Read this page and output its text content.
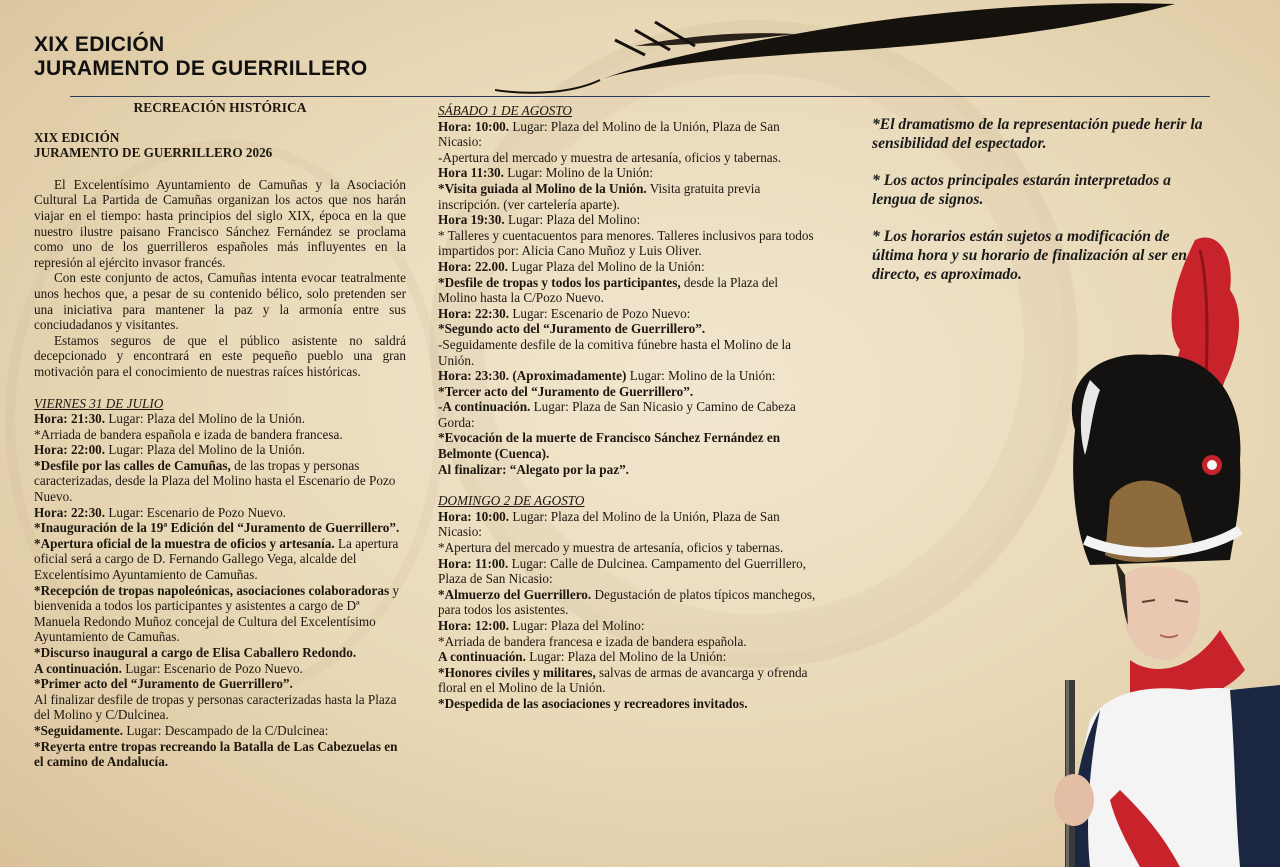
XIX EDICIÓN
JURAMENTO DE GUERRILLERO

RECREACIÓN HISTÓRICA

XIX EDICIÓN
JURAMENTO DE GUERRILLERO 2026

El Excelentísimo Ayuntamiento de Camuñas y la Asociación Cultural La Partida de Camuñas organizan los actos que nos harán viajar en el tiempo: hasta principios del siglo XIX, época en la que nuestro ilustre paisano Francisco Sánchez Fernández se proclama como uno de los guerrilleros españoles más influyentes en la represión al ejército invasor francés.

Con este conjunto de actos, Camuñas intenta evocar teatralmente unos hechos que, a pesar de su contenido bélico, solo pretenden ser una iniciativa para mantener la paz y la armonía entre sus conciudadanos y visitantes.

Estamos seguros de que el público asistente no saldrá decepcionado y encontrará en este pequeño pueblo una gran motivación para el conocimiento de nuestras raíces históricas.

VIERNES 31 DE JULIO

Hora: 21:30. Lugar: Plaza del Molino de la Unión.

*Arriada de bandera española e izada de bandera francesa.

Hora: 22:00. Lugar: Plaza del Molino de la Unión.

*Desfile por las calles de Camuñas, de las tropas y personas caracterizadas, desde la Plaza del Molino hasta el Escenario de Pozo Nuevo.

Hora: 22:30. Lugar: Escenario de Pozo Nuevo.

*Inauguración de la 19ª Edición del “Juramento de Guerrillero”.

*Apertura oficial de la muestra de oficios y artesanía. La apertura oficial será a cargo de D. Fernando Gallego Vega, alcalde del Excelentísimo Ayuntamiento de Camuñas.

*Recepción de tropas napoleónicas, asociaciones colaboradoras y bienvenida a todos los participantes y asistentes a cargo de Dª Manuela Redondo Muñoz concejal de Cultura del Excelentísimo Ayuntamiento de Camuñas.

*Discurso inaugural a cargo de Elisa Caballero Redondo.

A continuación. Lugar: Escenario de Pozo Nuevo.

*Primer acto del “Juramento de Guerrillero”.

Al finalizar desfile de tropas y personas caracterizadas hasta la Plaza del Molino y C/Dulcinea.

*Seguidamente. Lugar: Descampado de la C/Dulcinea:

*Reyerta entre tropas recreando la Batalla de Las Cabezuelas en el camino de Andalucía.

SÁBADO 1 DE AGOSTO

Hora: 10:00. Lugar: Plaza del Molino de la Unión, Plaza de San Nicasio:

-Apertura del mercado y muestra de artesanía, oficios y tabernas.

Hora 11:30. Lugar: Molino de la Unión:

*Visita guiada al Molino de la Unión. Visita gratuita previa inscripción. (ver cartelería aparte).

Hora 19:30. Lugar: Plaza del Molino:

* Talleres y cuentacuentos para menores. Talleres inclusivos para todos impartidos por: Alicia Cano Muñoz y Luis Oliver.

Hora: 22.00. Lugar Plaza del Molino de la Unión:

*Desfile de tropas y todos los participantes, desde la Plaza del Molino hasta la C/Pozo Nuevo.

Hora: 22:30. Lugar: Escenario de Pozo Nuevo:

*Segundo acto del “Juramento de Guerrillero”.

-Seguidamente desfile de la comitiva fúnebre hasta el Molino de la Unión.

Hora: 23:30. (Aproximadamente) Lugar: Molino de la Unión:

*Tercer acto del “Juramento de Guerrillero”.

-A continuación. Lugar: Plaza de San Nicasio y Camino de Cabeza Gorda:

*Evocación de la muerte de Francisco Sánchez Fernández en Belmonte (Cuenca).

Al finalizar: “Alegato por la paz”.

DOMINGO 2 DE AGOSTO

Hora: 10:00. Lugar: Plaza del Molino de la Unión, Plaza de San Nicasio:

*Apertura del mercado y muestra de artesanía, oficios y tabernas.

Hora: 11:00. Lugar: Calle de Dulcinea. Campamento del Guerrillero, Plaza de San Nicasio:

*Almuerzo del Guerrillero. Degustación de platos típicos manchegos, para todos los asistentes.

Hora: 12:00. Lugar: Plaza del Molino:

*Arriada de bandera francesa e izada de bandera española.

A continuación. Lugar: Plaza del Molino de la Unión:

*Honores civiles y militares, salvas de armas de avancarga y ofrenda floral en el Molino de la Unión.

*Despedida de las asociaciones y recreadores invitados.

*El dramatismo de la representación puede herir la sensibilidad del espectador.

* Los actos principales estarán interpretados a lengua de signos.

* Los horarios están sujetos a modificación de última hora y su horario de finalización al ser en directo, es aproximado.
